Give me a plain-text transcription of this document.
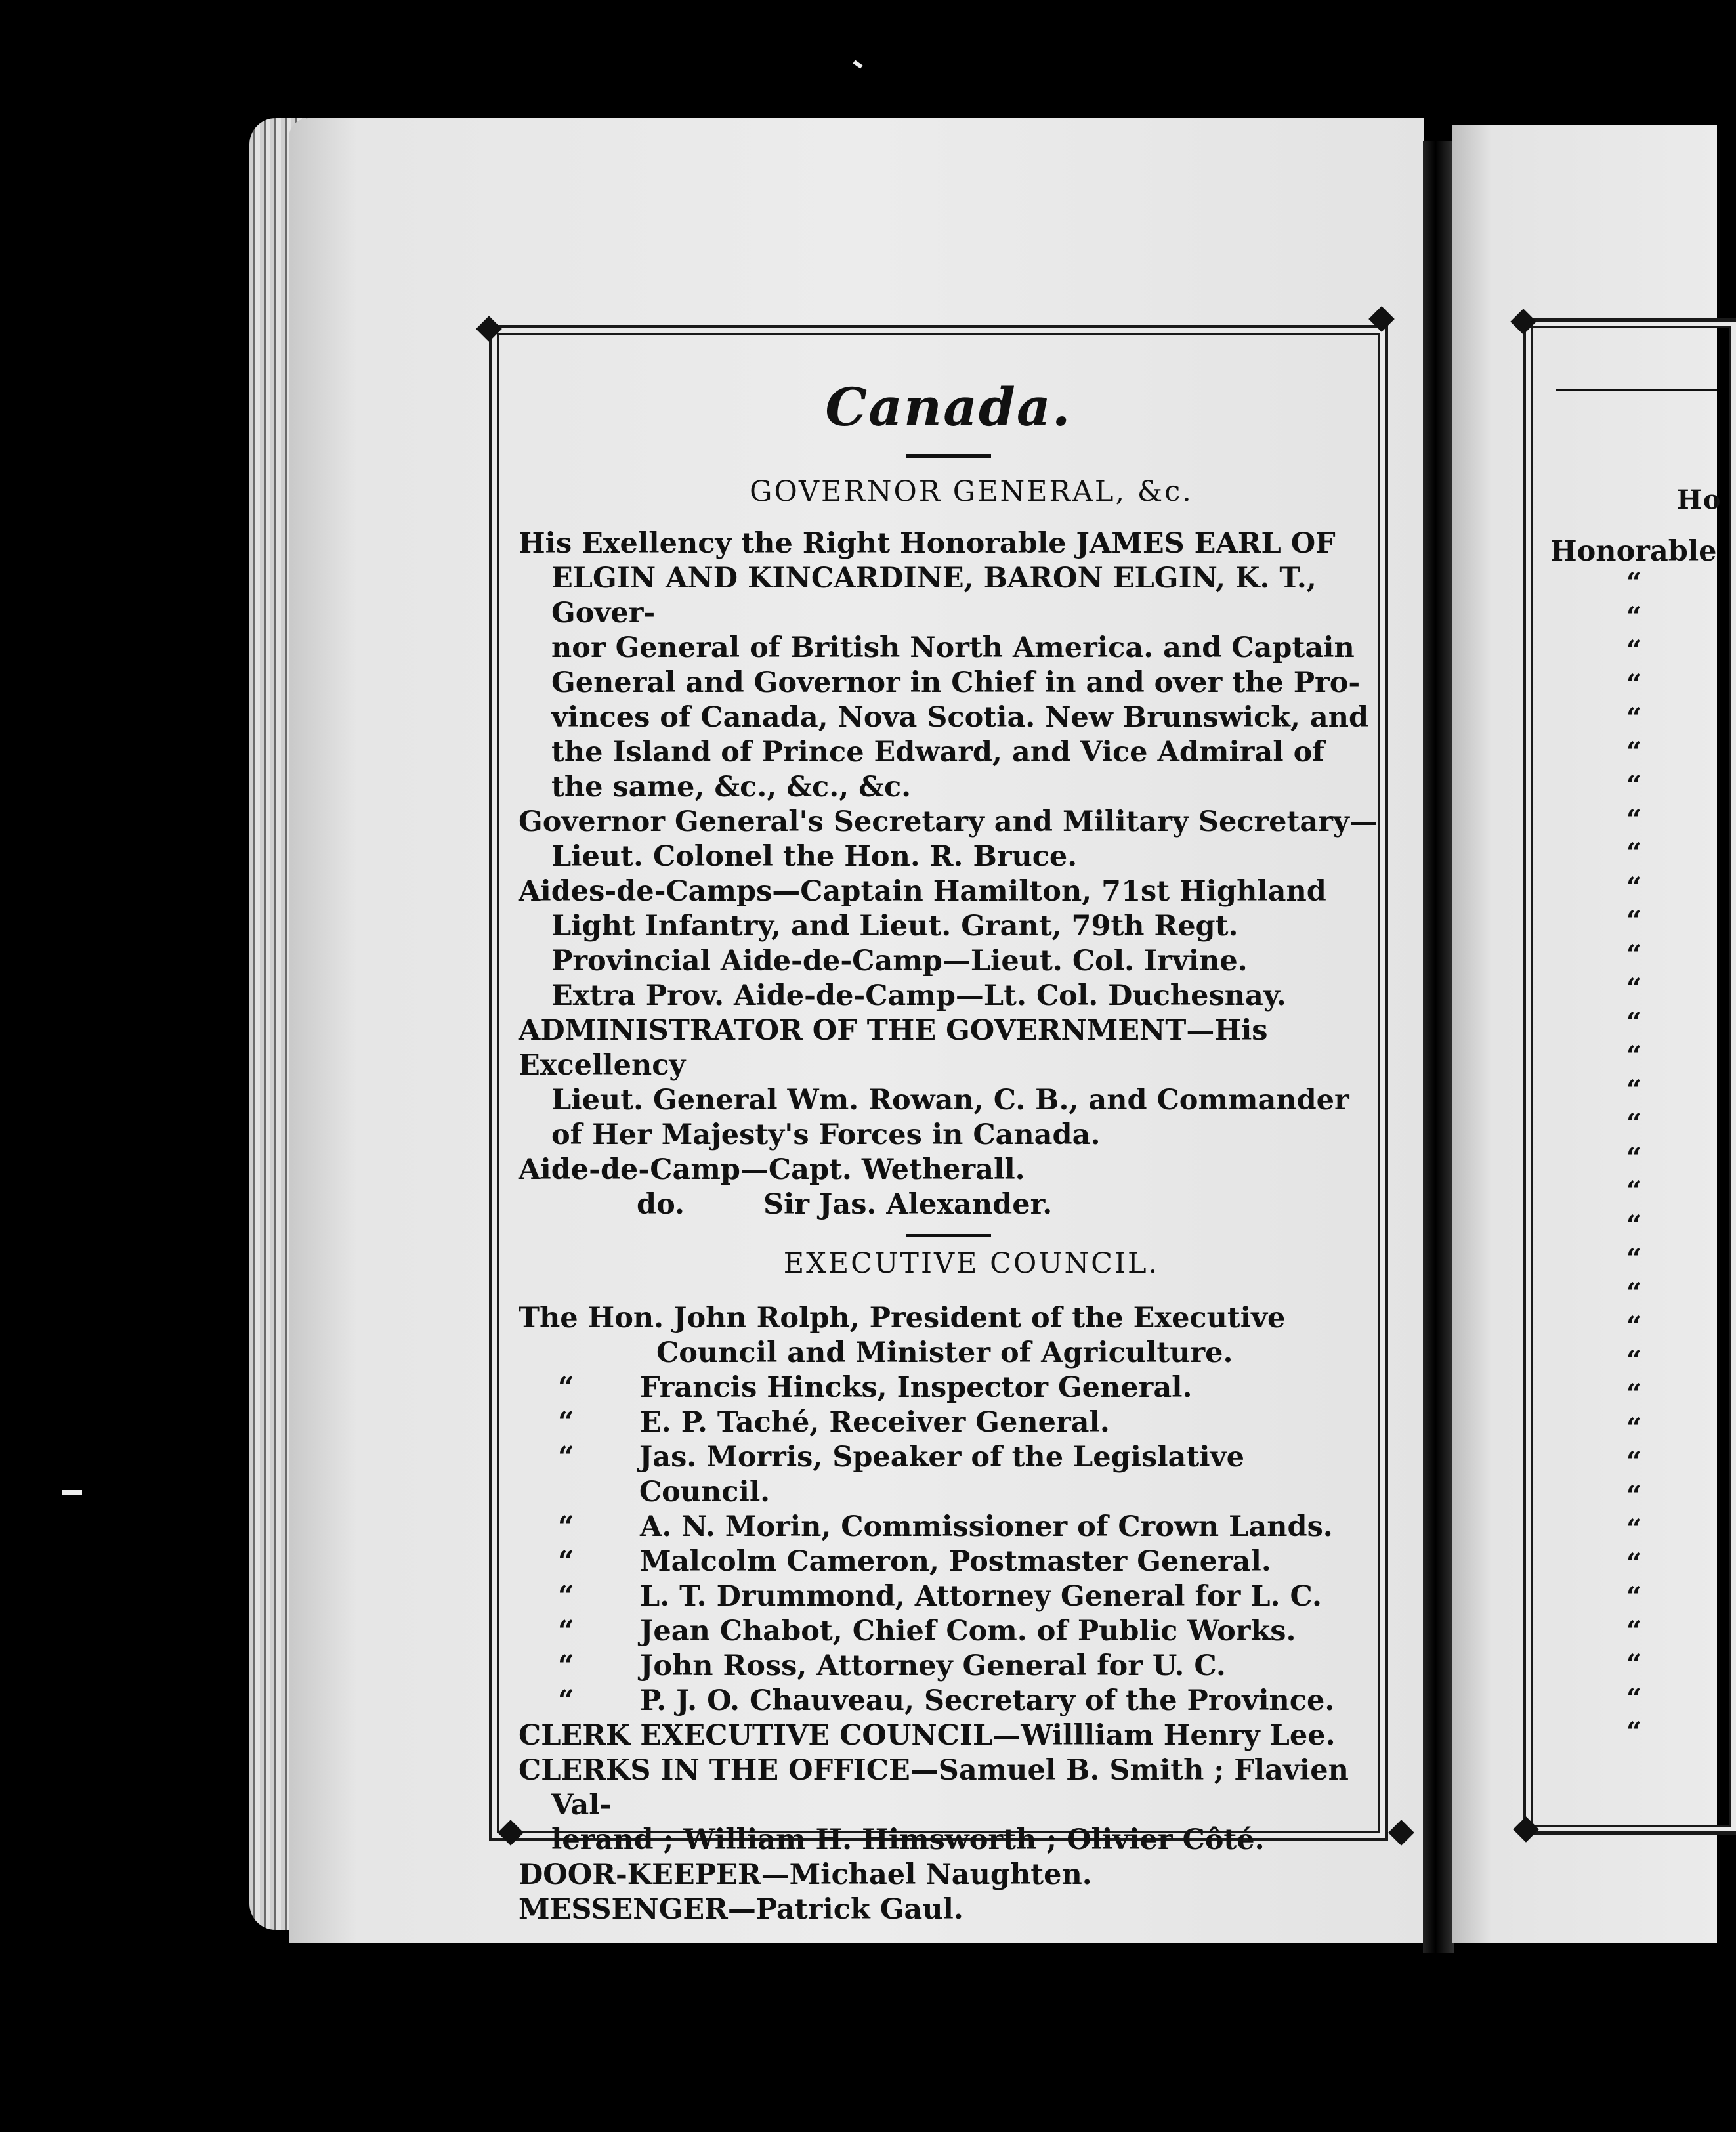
Canada.
GOVERNOR GENERAL, &c.
His Exellency the Right Honorable JAMES EARL OF
ELGIN AND KINCARDINE, BARON ELGIN, K. T., Gover-
nor General of British North America. and Captain
General and Governor in Chief in and over the Pro-
vinces of Canada, Nova Scotia. New Brunswick, and
the Island of Prince Edward, and Vice Admiral of
the same, &c., &c., &c.
Governor General's Secretary and Military Secretary—
Lieut. Colonel the Hon. R. Bruce.
Aides-de-Camps—Captain Hamilton, 71st Highland
Light Infantry, and Lieut. Grant, 79th Regt.
Provincial Aide-de-Camp—Lieut. Col. Irvine.
Extra Prov. Aide-de-Camp—Lt. Col. Duchesnay.
ADMINISTRATOR OF THE GOVERNMENT—His Excellency
Lieut. General Wm. Rowan, C. B., and Commander
of Her Majesty's Forces in Canada.
Aide-de-Camp—Capt. Wetherall.
do.	Sir Jas. Alexander.
EXECUTIVE COUNCIL.
The Hon. John Rolph, President of the Executive
Council and Minister of Agriculture.
“	Francis Hincks, Inspector General.
“	E. P. Taché, Receiver General.
“	Jas. Morris, Speaker of the Legislative Council.
“	A. N. Morin, Commissioner of Crown Lands.
“	Malcolm Cameron, Postmaster General.
“	L. T. Drummond, Attorney General for L. C.
“	Jean Chabot, Chief Com. of Public Works.
“	John Ross, Attorney General for U. C.
“	P. J. O. Chauveau, Secretary of the Province.
CLERK EXECUTIVE COUNCIL—Willliam Henry Lee.
CLERKS IN THE OFFICE—Samuel B. Smith ; Flavien Val-
lerand ; William H. Himsworth ; Olivier Côté.
DOOR-KEEPER—Michael Naughten.
MESSENGER—Patrick Gaul.
Ho
Honorable
“
“
“
“
“
“
“
“
“
“
“
“
“
“
“
“
“
“
“
“
“
“
“
“
“
“
“
“
“
“
“
“
“
“
“
